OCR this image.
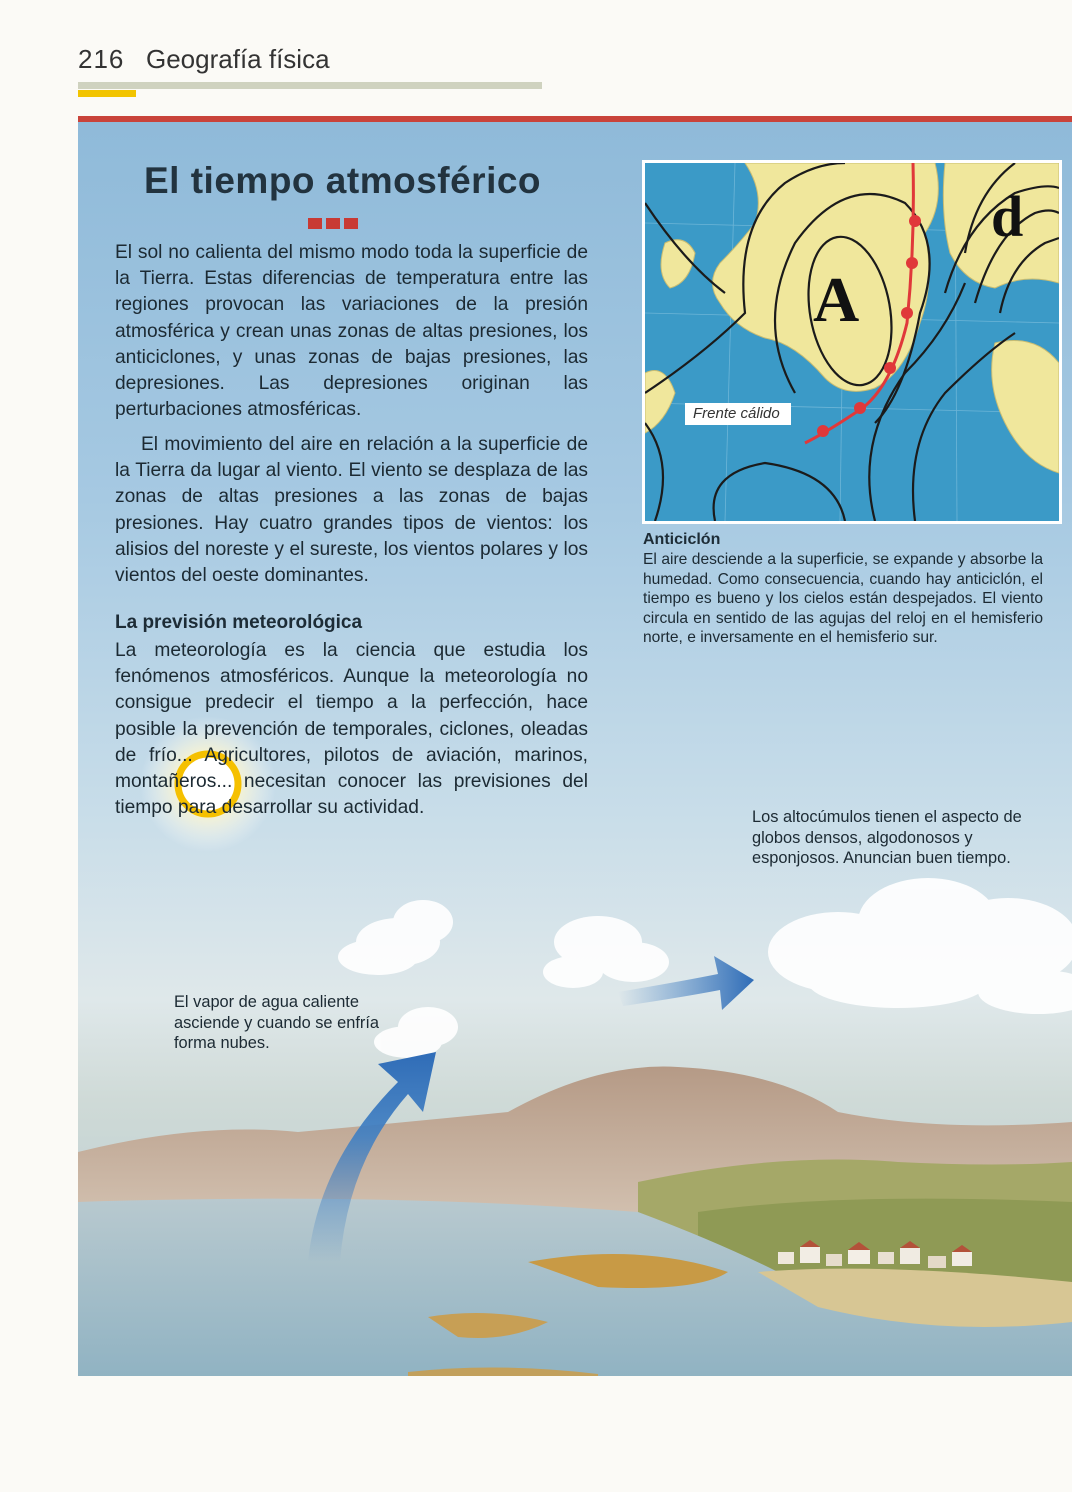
216 Geografía física
El tiempo atmosférico

El sol no calienta del mismo modo toda la superficie de la Tierra. Estas diferencias de temperatura entre las regiones provocan las variaciones de la presión atmosférica y crean unas zonas de altas presiones, los anticiclones, y unas zonas de bajas presiones, las depresiones. Las depresiones originan las perturbaciones atmosféricas.

El movimiento del aire en relación a la superficie de la Tierra da lugar al viento. El viento se desplaza de las zonas de altas presiones a las zonas de bajas presiones. Hay cuatro grandes tipos de vientos: los alisios del noreste y el sureste, los vientos polares y los vientos del oeste dominantes.

La previsión meteorológica

La meteorología es la ciencia que estudia los fenómenos atmosféricos. Aunque la meteorología no consigue predecir el tiempo a la perfección, hace posible la prevención de temporales, ciclones, oleadas de frío... Agricultores, pilotos de aviación, marinos, montañeros... necesitan conocer las previsiones del tiempo para desarrollar su actividad.

A
d
Frente cálido
Anticiclón

El aire desciende a la superficie, se expande y absorbe la humedad. Como consecuencia, cuando hay anticiclón, el tiempo es bueno y los cielos están despejados. El viento circula en sentido de las agujas del reloj en el hemisferio norte, e inversamente en el hemisferio sur.

Los altocúmulos tienen el aspecto de globos densos, algodonosos y esponjosos. Anuncian buen tiempo.

El vapor de agua caliente asciende y cuando se enfría forma nubes.
